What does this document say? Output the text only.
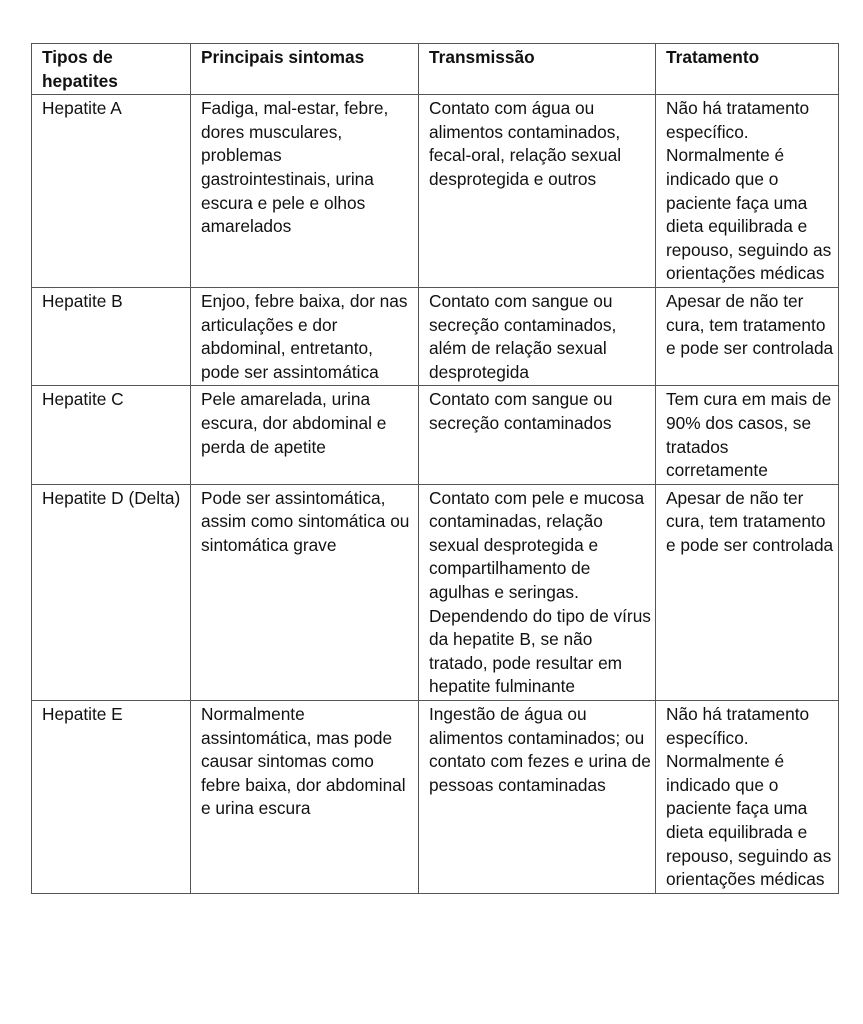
Tipos de hepatites	Principais sintomas	Transmissão	Tratamento

Hepatite A	Fadiga, mal-estar, febre, dores musculares, problemas gastrointestinais, urina escura e pele e olhos amarelados	Contato com água ou alimentos contaminados, fecal-oral, relação sexual desprotegida e outros	Não há tratamento específico. Normalmente é indicado que o paciente faça uma dieta equilibrada e repouso, seguindo as orientações médicas

Hepatite B	Enjoo, febre baixa, dor nas articulações e dor abdominal, entretanto, pode ser assintomática	Contato com sangue ou secreção contaminados, além de relação sexual desprotegida	Apesar de não ter cura, tem tratamento e pode ser controlada

Hepatite C	Pele amarelada, urina escura, dor abdominal e perda de apetite	Contato com sangue ou secreção contaminados	Tem cura em mais de 90% dos casos, se tratados corretamente

Hepatite D (Delta)	Pode ser assintomática, assim como sintomática ou sintomática grave	Contato com pele e mucosa contaminadas, relação sexual desprotegida e compartilhamento de agulhas e seringas. Dependendo do tipo de vírus da hepatite B, se não tratado, pode resultar em hepatite fulminante	Apesar de não ter cura, tem tratamento e pode ser controlada

Hepatite E	Normalmente assintomática, mas pode causar sintomas como febre baixa, dor abdominal e urina escura	Ingestão de água ou alimentos contaminados; ou contato com fezes e urina de pessoas contaminadas	Não há tratamento específico. Normalmente é indicado que o paciente faça uma dieta equilibrada e repouso, seguindo as orientações médicas
